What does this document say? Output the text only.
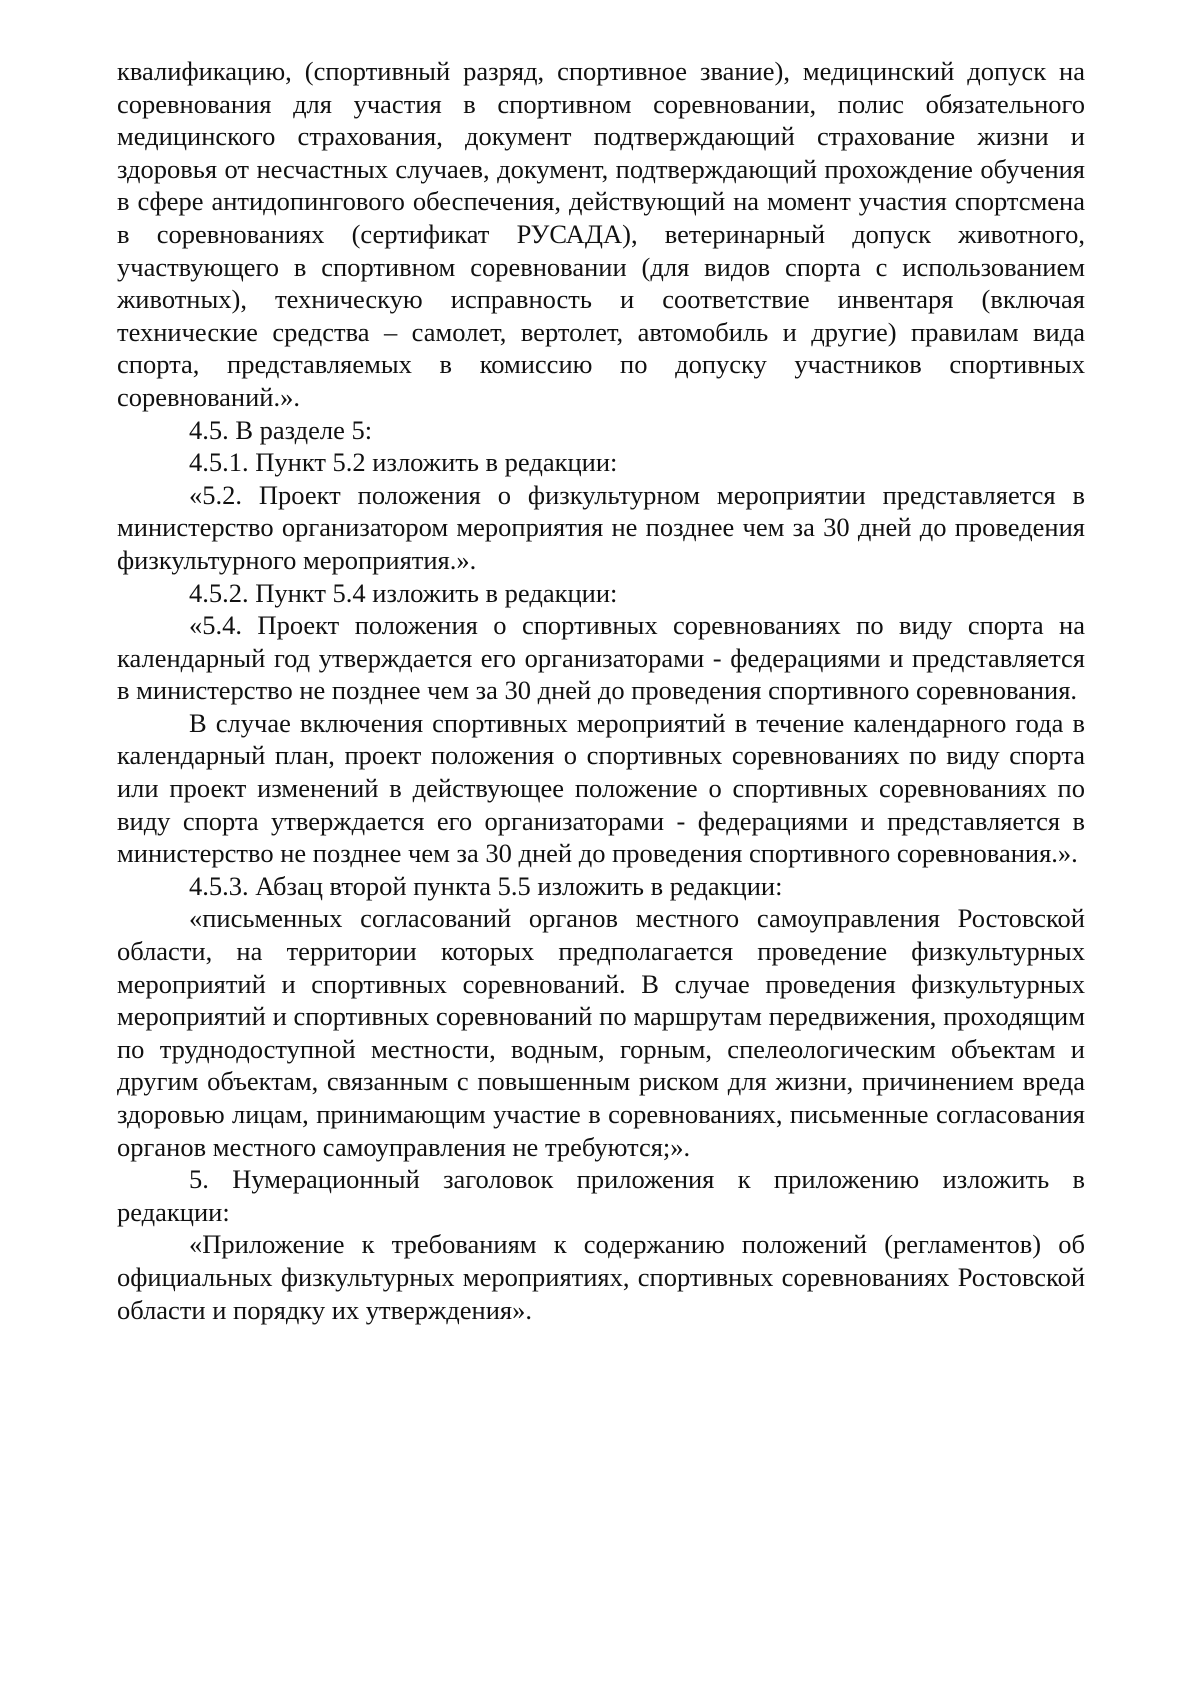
квалификацию, (спортивный разряд, спортивное звание), медицинский допуск на соревнования для участия в спортивном соревновании, полис обязательного медицинского страхования, документ подтверждающий страхование жизни и здоровья от несчастных случаев, документ, подтверждающий прохождение обучения в сфере антидопингового обеспечения, действующий на момент участия спортсмена в соревнованиях (сертификат РУСАДА), ветеринарный допуск животного, участвующего в спортивном соревновании (для видов спорта с использованием животных), техническую исправность и соответствие инвентаря (включая технические средства – самолет, вертолет, автомобиль и другие) правилам вида спорта, представляемых в комиссию по допуску участников спортивных соревнований.».

4.5. В разделе 5:

4.5.1. Пункт 5.2 изложить в редакции:

«5.2. Проект положения о физкультурном мероприятии представляется в министерство организатором мероприятия не позднее чем за 30 дней до проведения физкультурного мероприятия.».

4.5.2. Пункт 5.4 изложить в редакции:

«5.4. Проект положения о спортивных соревнованиях по виду спорта на календарный год утверждается его организаторами - федерациями и представляется в министерство не позднее чем за 30 дней до проведения спортивного соревнования.

В случае включения спортивных мероприятий в течение календарного года в календарный план, проект положения о спортивных соревнованиях по виду спорта или проект изменений в действующее положение о спортивных соревнованиях по виду спорта утверждается его организаторами - федерациями и представляется в министерство не позднее чем за 30 дней до проведения спортивного соревнования.».

4.5.3. Абзац второй пункта 5.5 изложить в редакции:

«письменных согласований органов местного самоуправления Ростовской области, на территории которых предполагается проведение физкультурных мероприятий и спортивных соревнований. В случае проведения физкультурных мероприятий и спортивных соревнований по маршрутам передвижения, проходящим по труднодоступной местности, водным, горным, спелеологическим объектам и другим объектам, связанным с повышенным риском для жизни, причинением вреда здоровью лицам, принимающим участие в соревнованиях, письменные согласования органов местного самоуправления не требуются;».

5. Нумерационный заголовок приложения к приложению изложить в редакции:

«Приложение к требованиям к содержанию положений (регламентов) об официальных физкультурных мероприятиях, спортивных соревнованиях Ростовской области и порядку их утверждения».
